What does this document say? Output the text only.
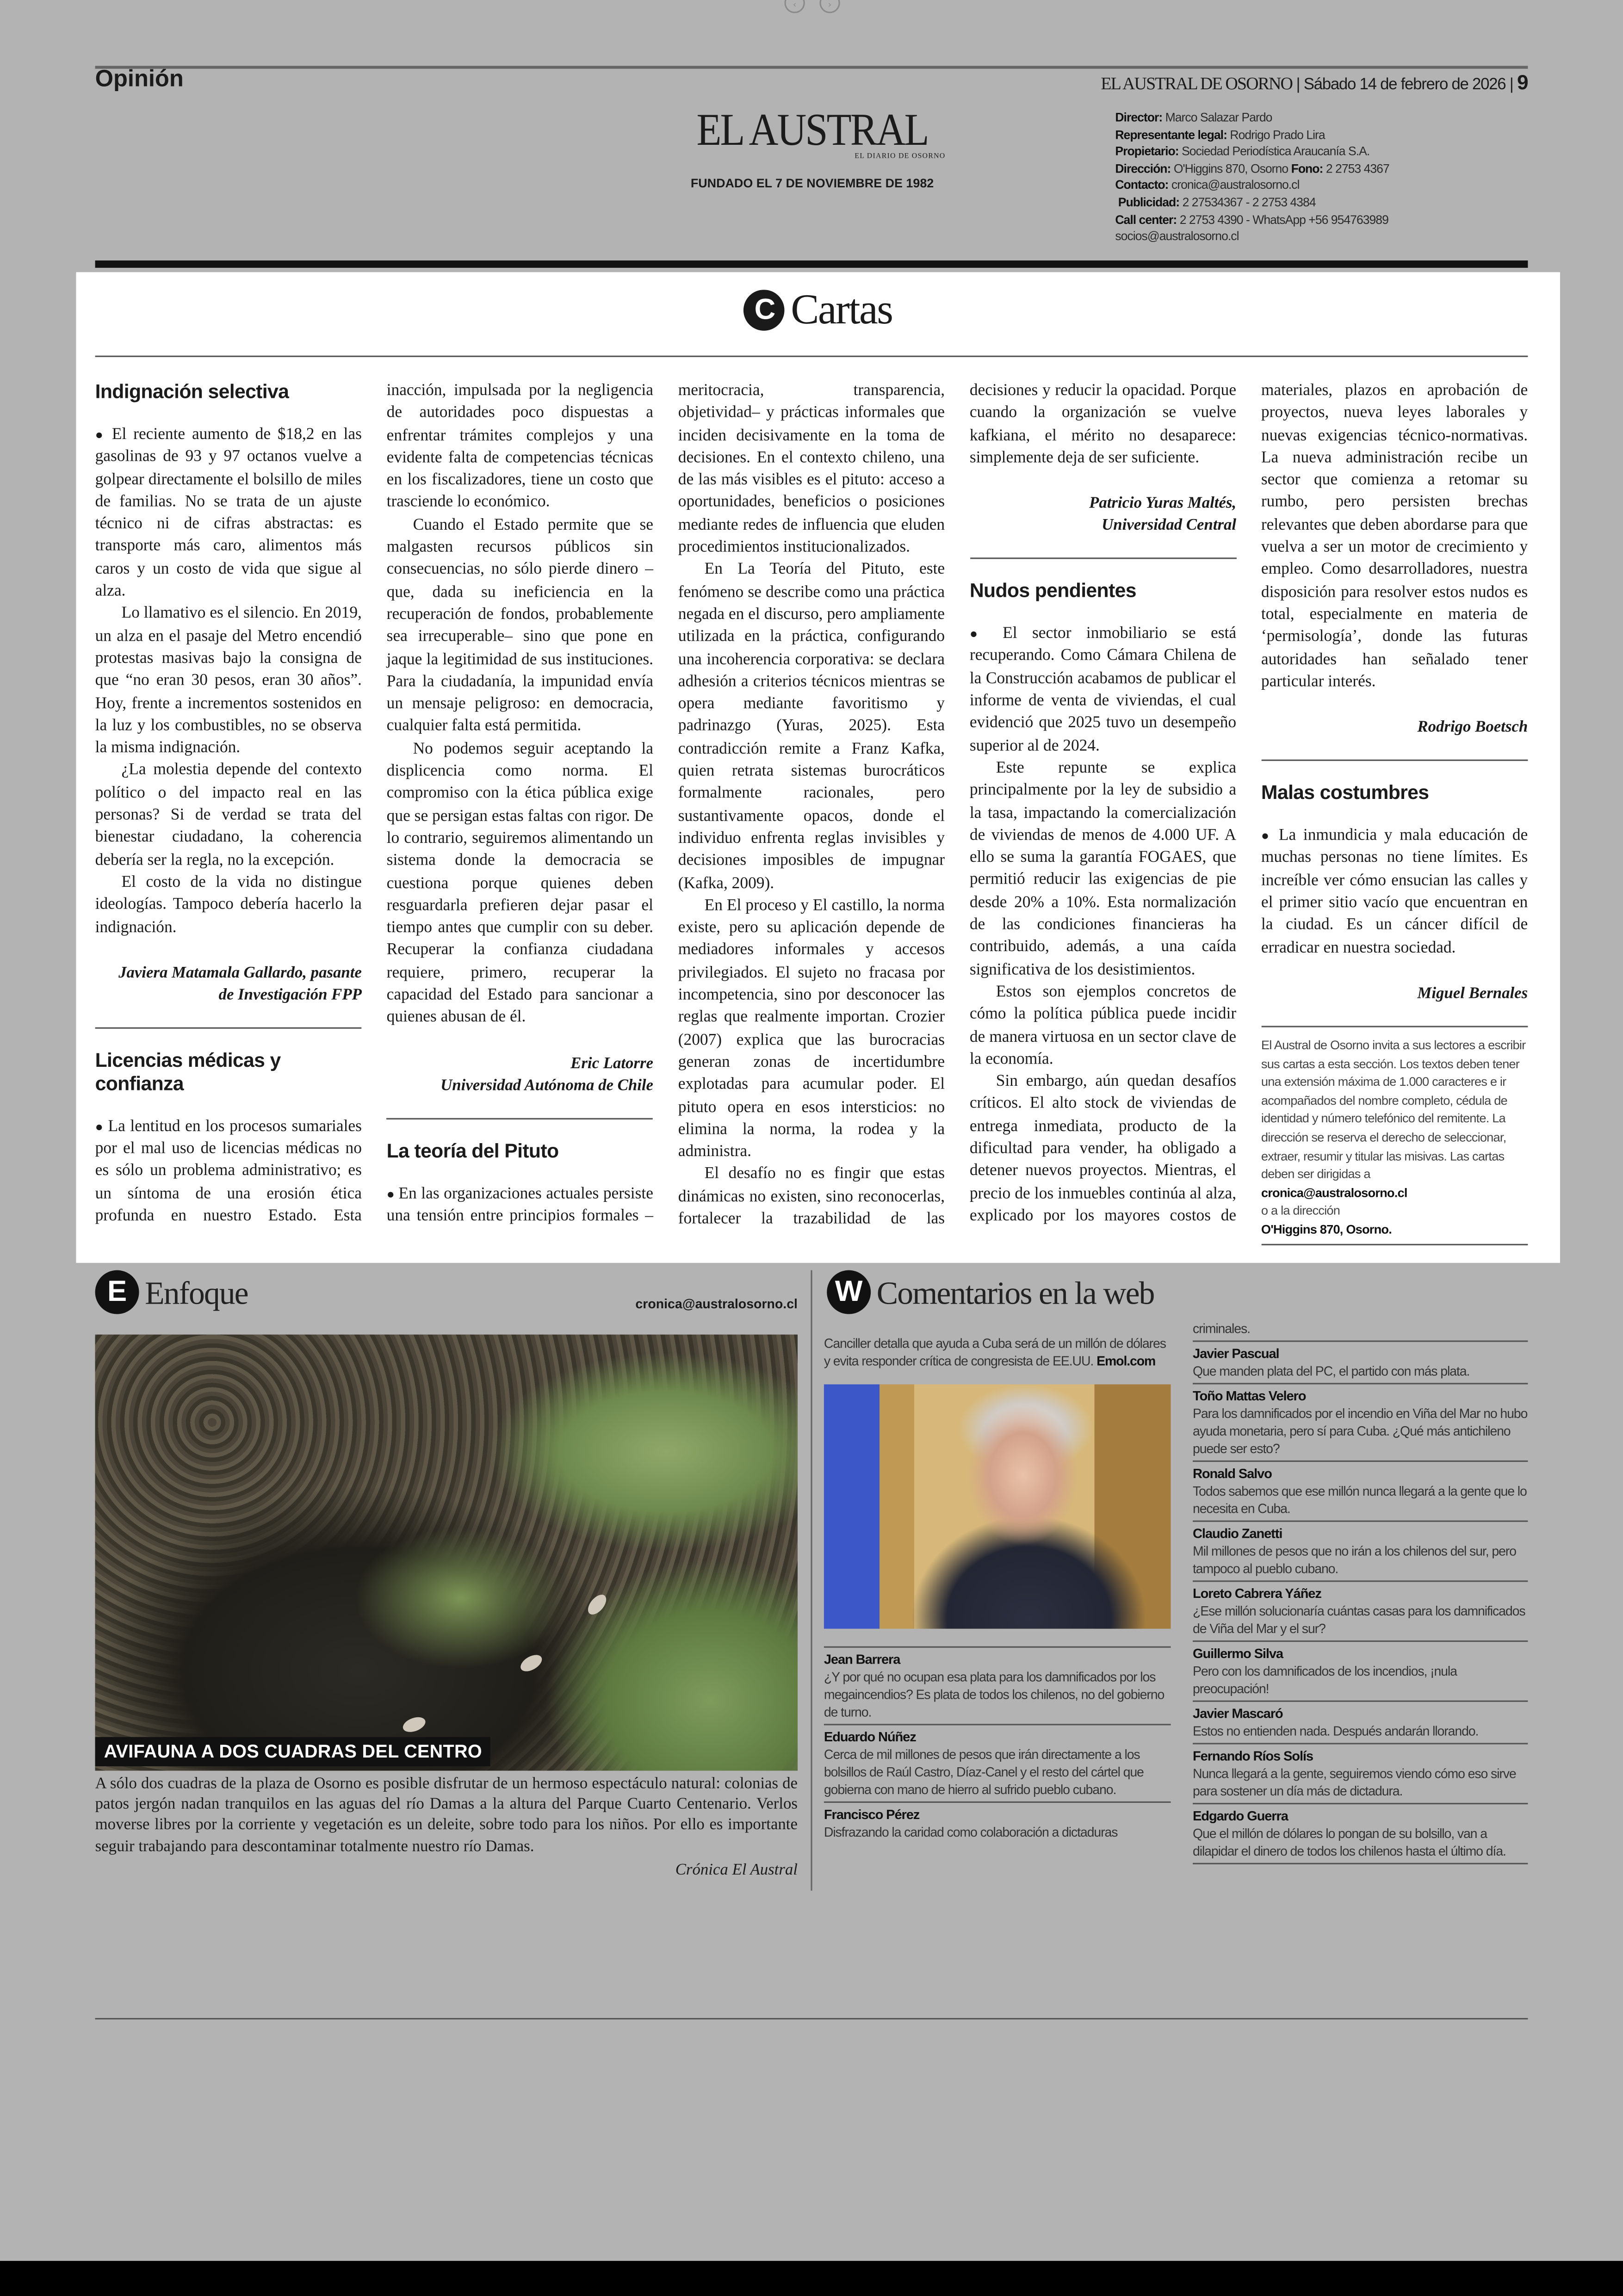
‹	›
Opinión	EL AUSTRAL DE OSORNO | Sábado 14 de febrero de 2026 | 9
EL AUSTRAL
EL DIARIO DE OSORNO
FUNDADO EL 7 DE NOVIEMBRE DE 1982
Director: Marco Salazar Pardo
Representante legal: Rodrigo Prado Lira
Propietario: Sociedad Periodística Araucanía S.A.
Dirección: O'Higgins 870, Osorno Fono: 2 2753 4367
Contacto: cronica@australosorno.cl
Publicidad: 2 27534367 - 2 2753 4384
Call center: 2 2753 4390 - WhatsApp +56 954763989
socios@australosorno.cl
C Cartas
Indignación selectiva

● El reciente aumento de $18,2 en las gasolinas de 93 y 97 octanos vuelve a golpear directamente el bolsillo de miles de familias. No se trata de un ajuste técnico ni de cifras abstractas: es transporte más caro, alimentos más caros y un costo de vida que sigue al alza.

Lo llamativo es el silencio. En 2019, un alza en el pasaje del Metro encendió protestas masivas bajo la consigna de que “no eran 30 pesos, eran 30 años”. Hoy, frente a incrementos sostenidos en la luz y los combustibles, no se observa la misma indignación.

¿La molestia depende del contexto político o del impacto real en las personas? Si de verdad se trata del bienestar ciudadano, la coherencia debería ser la regla, no la excepción.

El costo de la vida no distingue ideologías. Tampoco debería hacerlo la indignación.

Javiera Matamala Gallardo, pasante
de Investigación FPP
Licencias médicas y confianza

● La lentitud en los procesos sumariales por el mal uso de licencias médicas no es sólo un problema administrativo; es un síntoma de una erosión ética profunda en nuestro Estado. Esta inacción, impulsada por la negligencia de autoridades poco dispuestas a enfrentar trámites complejos y una evidente falta de competencias técnicas en los fiscalizadores, tiene un costo que trasciende lo económico.

Cuando el Estado permite que se malgasten recursos públicos sin consecuencias, no sólo pierde dinero –que, dada su ineficiencia en la recuperación de fondos, probablemente sea irrecuperable– sino que pone en jaque la legitimidad de sus instituciones. Para la ciudadanía, la impunidad envía un mensaje peligroso: en democracia, cualquier falta está permitida.

No podemos seguir aceptando la displicencia como norma. El compromiso con la ética pública exige que se persigan estas faltas con rigor. De lo contrario, seguiremos alimentando un sistema donde la democracia se cuestiona porque quienes deben resguardarla prefieren dejar pasar el tiempo antes que cumplir con su deber. Recuperar la confianza ciudadana requiere, primero, recuperar la capacidad del Estado para sancionar a quienes abusan de él.

Eric Latorre
Universidad Autónoma de Chile
La teoría del Pituto

● En las organizaciones actuales persiste una tensión entre principios formales –meritocracia, transparencia, objetividad– y prácticas informales que inciden decisivamente en la toma de decisiones. En el contexto chileno, una de las más visibles es el pituto: acceso a oportunidades, beneficios o posiciones mediante redes de influencia que eluden procedimientos institucionalizados.

En La Teoría del Pituto, este fenómeno se describe como una práctica negada en el discurso, pero ampliamente utilizada en la práctica, configurando una incoherencia corporativa: se declara adhesión a criterios técnicos mientras se opera mediante favoritismo y padrinazgo (Yuras, 2025). Esta contradicción remite a Franz Kafka, quien retrata sistemas burocráticos formalmente racionales, pero sustantivamente opacos, donde el individuo enfrenta reglas invisibles y decisiones imposibles de impugnar (Kafka, 2009).

En El proceso y El castillo, la norma existe, pero su aplicación depende de mediadores informales y accesos privilegiados. El sujeto no fracasa por incompetencia, sino por desconocer las reglas que realmente importan. Crozier (2007) explica que las burocracias generan zonas de incertidumbre explotadas para acumular poder. El pituto opera en esos intersticios: no elimina la norma, la rodea y la administra.

El desafío no es fingir que estas dinámicas no existen, sino reconocerlas, fortalecer la trazabilidad de las decisiones y reducir la opacidad. Porque cuando la organización se vuelve kafkiana, el mérito no desaparece: simplemente deja de ser suficiente.

Patricio Yuras Maltés,
Universidad Central
Nudos pendientes

● El sector inmobiliario se está recuperando. Como Cámara Chilena de la Construcción acabamos de publicar el informe de venta de viviendas, el cual evidenció que 2025 tuvo un desempeño superior al de 2024.

Este repunte se explica principalmente por la ley de subsidio a la tasa, impactando la comercialización de viviendas de menos de 4.000 UF. A ello se suma la garantía FOGAES, que permitió reducir las exigencias de pie desde 20% a 10%. Esta normalización de las condiciones financieras ha contribuido, además, a una caída significativa de los desistimientos.

Estos son ejemplos concretos de cómo la política pública puede incidir de manera virtuosa en un sector clave de la economía.

Sin embargo, aún quedan desafíos críticos. El alto stock de viviendas de entrega inmediata, producto de la dificultad para vender, ha obligado a detener nuevos proyectos. Mientras, el precio de los inmuebles continúa al alza, explicado por los mayores costos de materiales, plazos en aprobación de proyectos, nueva leyes laborales y nuevas exigencias técnico-normativas. La nueva administración recibe un sector que comienza a retomar su rumbo, pero persisten brechas relevantes que deben abordarse para que vuelva a ser un motor de crecimiento y empleo. Como desarrolladores, nuestra disposición para resolver estos nudos es total, especialmente en materia de ‘permisología’, donde las futuras autoridades han señalado tener particular interés.

Rodrigo Boetsch
Malas costumbres

● La inmundicia y mala educación de muchas personas no tiene límites. Es increíble ver cómo ensucian las calles y el primer sitio vacío que encuentran en la ciudad. Es un cáncer difícil de erradicar en nuestra sociedad.

Miguel Bernales
El Austral de Osorno invita a sus lectores a escribir sus cartas a esta sección. Los textos deben tener una extensión máxima de 1.000 caracteres e ir acompañados del nombre completo, cédula de identidad y número telefónico del remitente. La dirección se reserva el derecho de seleccionar, extraer, resumir y titular las misivas. Las cartas deben ser dirigidas a
cronica@australosorno.cl
o a la dirección
O'Higgins 870, Osorno.
E Enfoque	cronica@australosorno.cl
AVIFAUNA A DOS CUADRAS DEL CENTRO
A sólo dos cuadras de la plaza de Osorno es posible disfrutar de un hermoso espectáculo natural: colonias de patos jergón nadan tranquilos en las aguas del río Damas a la altura del Parque Cuarto Centenario. Verlos moverse libres por la corriente y vegetación es un deleite, sobre todo para los niños. Por ello es importante seguir trabajando para descontaminar totalmente nuestro río Damas.
Crónica El Austral
W Comentarios en la web
Canciller detalla que ayuda a Cuba será de un millón de dólares y evita responder crítica de congresista de EE.UU. Emol.com
Jean Barrera
¿Y por qué no ocupan esa plata para los damnificados por los megaincendios? Es plata de todos los chilenos, no del gobierno de turno.
Eduardo Núñez
Cerca de mil millones de pesos que irán directamente a los bolsillos de Raúl Castro, Díaz-Canel y el resto del cártel que gobierna con mano de hierro al sufrido pueblo cubano.
Francisco Pérez
Disfrazando la caridad como colaboración a dictaduras
criminales.
Javier Pascual
Que manden plata del PC, el partido con más plata.
Toño Mattas Velero
Para los damnificados por el incendio en Viña del Mar no hubo ayuda monetaria, pero sí para Cuba. ¿Qué más antichileno puede ser esto?
Ronald Salvo
Todos sabemos que ese millón nunca llegará a la gente que lo necesita en Cuba.
Claudio Zanetti
Mil millones de pesos que no irán a los chilenos del sur, pero tampoco al pueblo cubano.
Loreto Cabrera Yáñez
¿Ese millón solucionaría cuántas casas para los damnificados de Viña del Mar y el sur?
Guillermo Silva
Pero con los damnificados de los incendios, ¡nula preocupación!
Javier Mascaró
Estos no entienden nada. Después andarán llorando.
Fernando Ríos Solís
Nunca llegará a la gente, seguiremos viendo cómo eso sirve para sostener un día más de dictadura.
Edgardo Guerra
Que el millón de dólares lo pongan de su bolsillo, van a dilapidar el dinero de todos los chilenos hasta el último día.
